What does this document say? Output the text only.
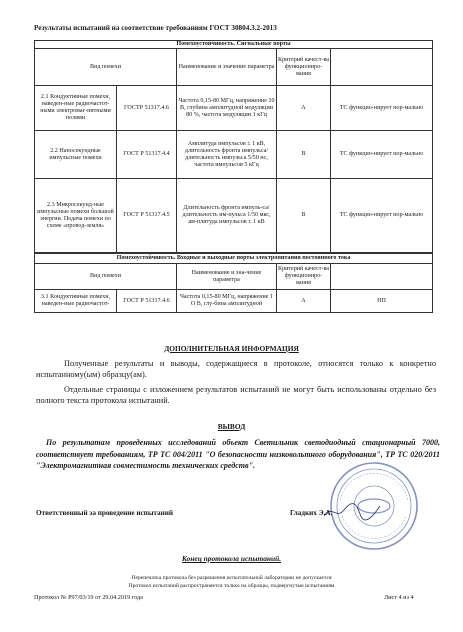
Результаты испытаний на соответствие требованиям ГОСТ 30804.3.2-2013
Помехоустойчивость. Сигнальные порты				
Вид помехи		Наименование и значение параметра	Критерий качест-ва функциониро-вания	
2.1 Кондуктивные помехи, наведен-ные радиочастот-ными электромаг-нитными полями	ГОСТР 51317.4.6	Частота 0,15-80 МГц, напряжение 10 В, глубина амплитудной модуляции 80 %, частота модуляции 1 кГц	А	ТС функцио-нирует нор-мально
2.2 Наносекундные импульсные помехи	ГОСТ Р 51317.4.4	Амплитуда импульсов ± 1 кВ, длительность фронта импульса/длительность импульса 5/50 нс, частота импульсов 5 кГц	В	ТС функцио-нирует нор-мально
2.3 Микросекунд-ные импульсные помехи большой энергии. Подача помехи по схеме «провод-земля»	ГОСТ Р 51317.4.5	Длительность фронта импуль-са/длительность им-пульса 1/50 мкс, ам-плитуда импульсов ± 1 кВ	В	ТС функцио-нирует нор-мально
Помехоустойчивость. Входные и выходные порты электропитания постоянного тока				
Вид помехи		Наименование и зна-чение параметра	Критерий качест-ва функциониро-вания	
3.1 Кондуктивные помехи, наведен-ные радиочастот-	ГОСТ Р 51317.4.6	Частота 0,15-80 МГц, напряжение 1 О В, глу-бина амплитудной	А	НП
ДОПОЛНИТЕЛЬНАЯ ИНФОРМАЦИЯ
Полученные результаты и выводы, содержащиеся в протоколе, относятся только к конкретно испытанному(ым) образцу(ам).
Отдельные страницы с изложением результатов испытаний не могут быть использованы отдельно без полного текста протокола испытаний.
ВЫВОД
По результатам проведенных исследований объект Светильник светодиодный стационарный 7000, соответствует требованиям, ТР ТС 004/2011 "О безопасности низковольтного оборудования", ТР ТС 020/2011 "Электромагнитная совместимость технических средств".
Ответственный за проведение испытаний	Гладких Э.А.
Конец протокола испытаний.
Перепечатка протокола без разрешения испытательной лаборатории не допускается
Протокол испытаний распространяется только на образцы, подвергнутые испытаниям
Протокол № Р97/03/19 от 29.04.2019 года	Лист 4 из 4
